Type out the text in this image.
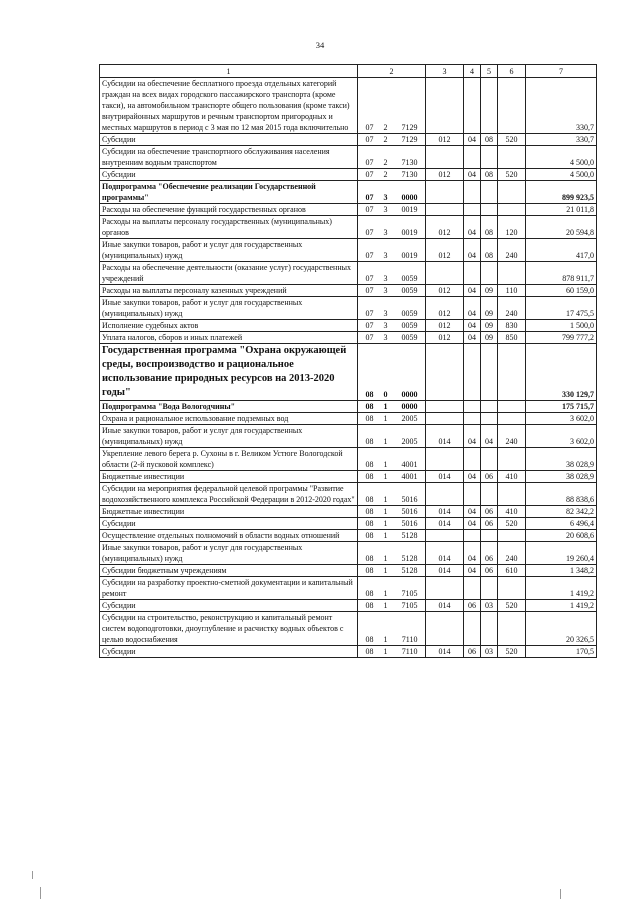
34
1	2	3	4	5	6	7
Субсидии на обеспечение бесплатного проезда отдельных категорий граждан на всех видах городского пассажирского транспорта (кроме такси), на автомобильном транспорте общего пользования (кроме такси) внутрирайонных маршрутов и речным транспортом пригородных и местных маршрутов в период с 3 мая по 12 мая 2015 года включительно	07 2 7129					330,7
Субсидии	07 2 7129	012	04	08	520	330,7
Субсидии на обеспечение транспортного обслуживания населения внутренним водным транспортом	07 2 7130					4 500,0
Субсидии	07 2 7130	012	04	08	520	4 500,0
Подпрограмма "Обеспечение реализации Государственной программы"	07 3 0000					899 923,5
Расходы на обеспечение функций государственных органов	07 3 0019					21 011,8
Расходы на выплаты персоналу государственных (муниципальных) органов	07 3 0019	012	04	08	120	20 594,8
Иные закупки товаров, работ и услуг для государственных (муниципальных) нужд	07 3 0019	012	04	08	240	417,0
Расходы на обеспечение деятельности (оказание услуг) государственных учреждений	07 3 0059					878 911,7
Расходы на выплаты персоналу казенных учреждений	07 3 0059	012	04	09	110	60 159,0
Иные закупки товаров, работ и услуг для государственных (муниципальных) нужд	07 3 0059	012	04	09	240	17 475,5
Исполнение судебных актов	07 3 0059	012	04	09	830	1 500,0
Уплата налогов, сборов и иных платежей	07 3 0059	012	04	09	850	799 777,2
Государственная программа "Охрана окружающей среды, воспроизводство и рациональное использование природных ресурсов на 2013-2020 годы"	08 0 0000					330 129,7
Подпрограмма "Вода Вологодчины"	08 1 0000					175 715,7
Охрана и рациональное использование подземных вод	08 1 2005					3 602,0
Иные закупки товаров, работ и услуг для государственных (муниципальных) нужд	08 1 2005	014	04	04	240	3 602,0
Укрепление левого берега р. Сухоны в г. Великом Устюге Вологодской области (2-й пусковой комплекс)	08 1 4001					38 028,9
Бюджетные инвестиции	08 1 4001	014	04	06	410	38 028,9
Субсидии на мероприятия федеральной целевой программы "Развитие водохозяйственного комплекса Российской Федерации в 2012-2020 годах"	08 1 5016					88 838,6
Бюджетные инвестиции	08 1 5016	014	04	06	410	82 342,2
Субсидии	08 1 5016	014	04	06	520	6 496,4
Осуществление отдельных полномочий в области водных отношений	08 1 5128					20 608,6
Иные закупки товаров, работ и услуг для государственных (муниципальных) нужд	08 1 5128	014	04	06	240	19 260,4
Субсидии бюджетным учреждениям	08 1 5128	014	04	06	610	1 348,2
Субсидии на разработку проектно-сметной документации и капитальный ремонт	08 1 7105					1 419,2
Субсидии	08 1 7105	014	06	03	520	1 419,2
Субсидии на строительство, реконструкцию и капитальный ремонт систем водоподготовки, дноуглубление и расчистку водных объектов с целью водоснабжения	08 1 7110					20 326,5
Субсидии	08 1 7110	014	06	03	520	170,5
